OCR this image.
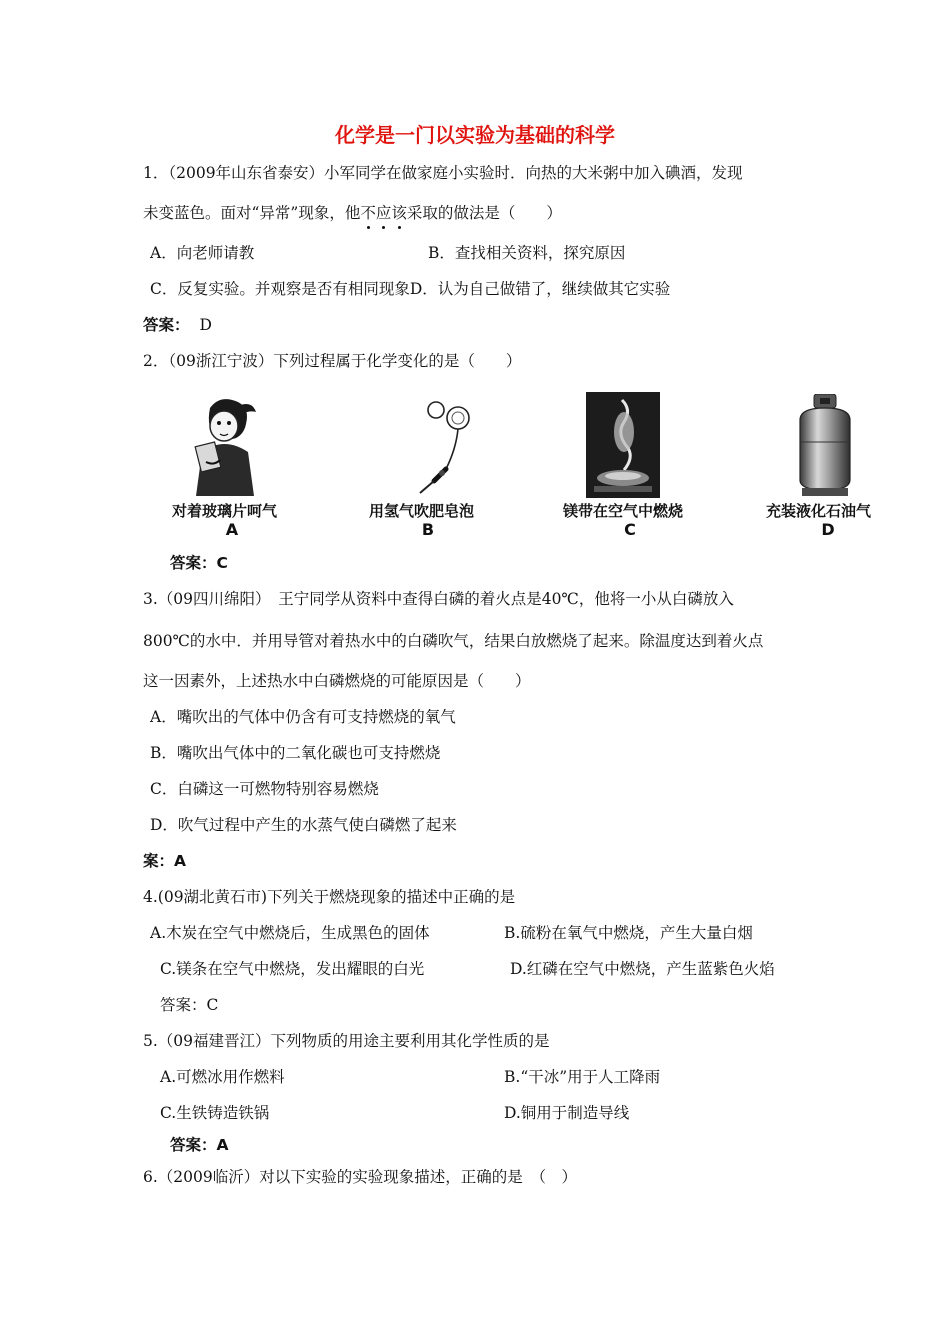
化学是一门以实验为基础的科学
1．（2009年山东省泰安）小军同学在做家庭小实验时．向热的大米粥中加入碘酒，发现
未变蓝色。面对“异常”现象，他不应该采取的做法是（　　）
A．向老师请教	B．查找相关资料，探究原因
C．反复实验。并观察是否有相同现象D．认为自己做错了，继续做其它实验
答案： D
2．（09浙江宁波）下列过程属于化学变化的是（　　）
对着玻璃片呵气
A
用氢气吹肥皂泡
B
镁带在空气中燃烧
C
充装液化石油气
D
答案：C
3.（09四川绵阳）　王宁同学从资料中查得白磷的着火点是40℃，他将一小从白磷放入
800℃的水中．并用导管对着热水中的白磷吹气，结果白放燃烧了起来。除温度达到着火点
这一因素外，上述热水中白磷燃烧的可能原因是（　　）
A．嘴吹出的气体中仍含有可支持燃烧的氧气
B．嘴吹出气体中的二氧化碳也可支持燃烧
C．白磷这一可燃物特别容易燃烧
D．吹气过程中产生的水蒸气使白磷燃了起来
案：A
4.(09湖北黄石市)下列关于燃烧现象的描述中正确的是
A.木炭在空气中燃烧后，生成黑色的固体	B.硫粉在氧气中燃烧，产生大量白烟
C.镁条在空气中燃烧，发出耀眼的白光	D.红磷在空气中燃烧，产生蓝紫色火焰
答案：C
5.（09福建晋江）下列物质的用途主要利用其化学性质的是
A.可燃冰用作燃料	B.“干冰”用于人工降雨
C.生铁铸造铁锅	D.铜用于制造导线
答案：A
6.（2009临沂）对以下实验的实验现象描述，正确的是　（　）
